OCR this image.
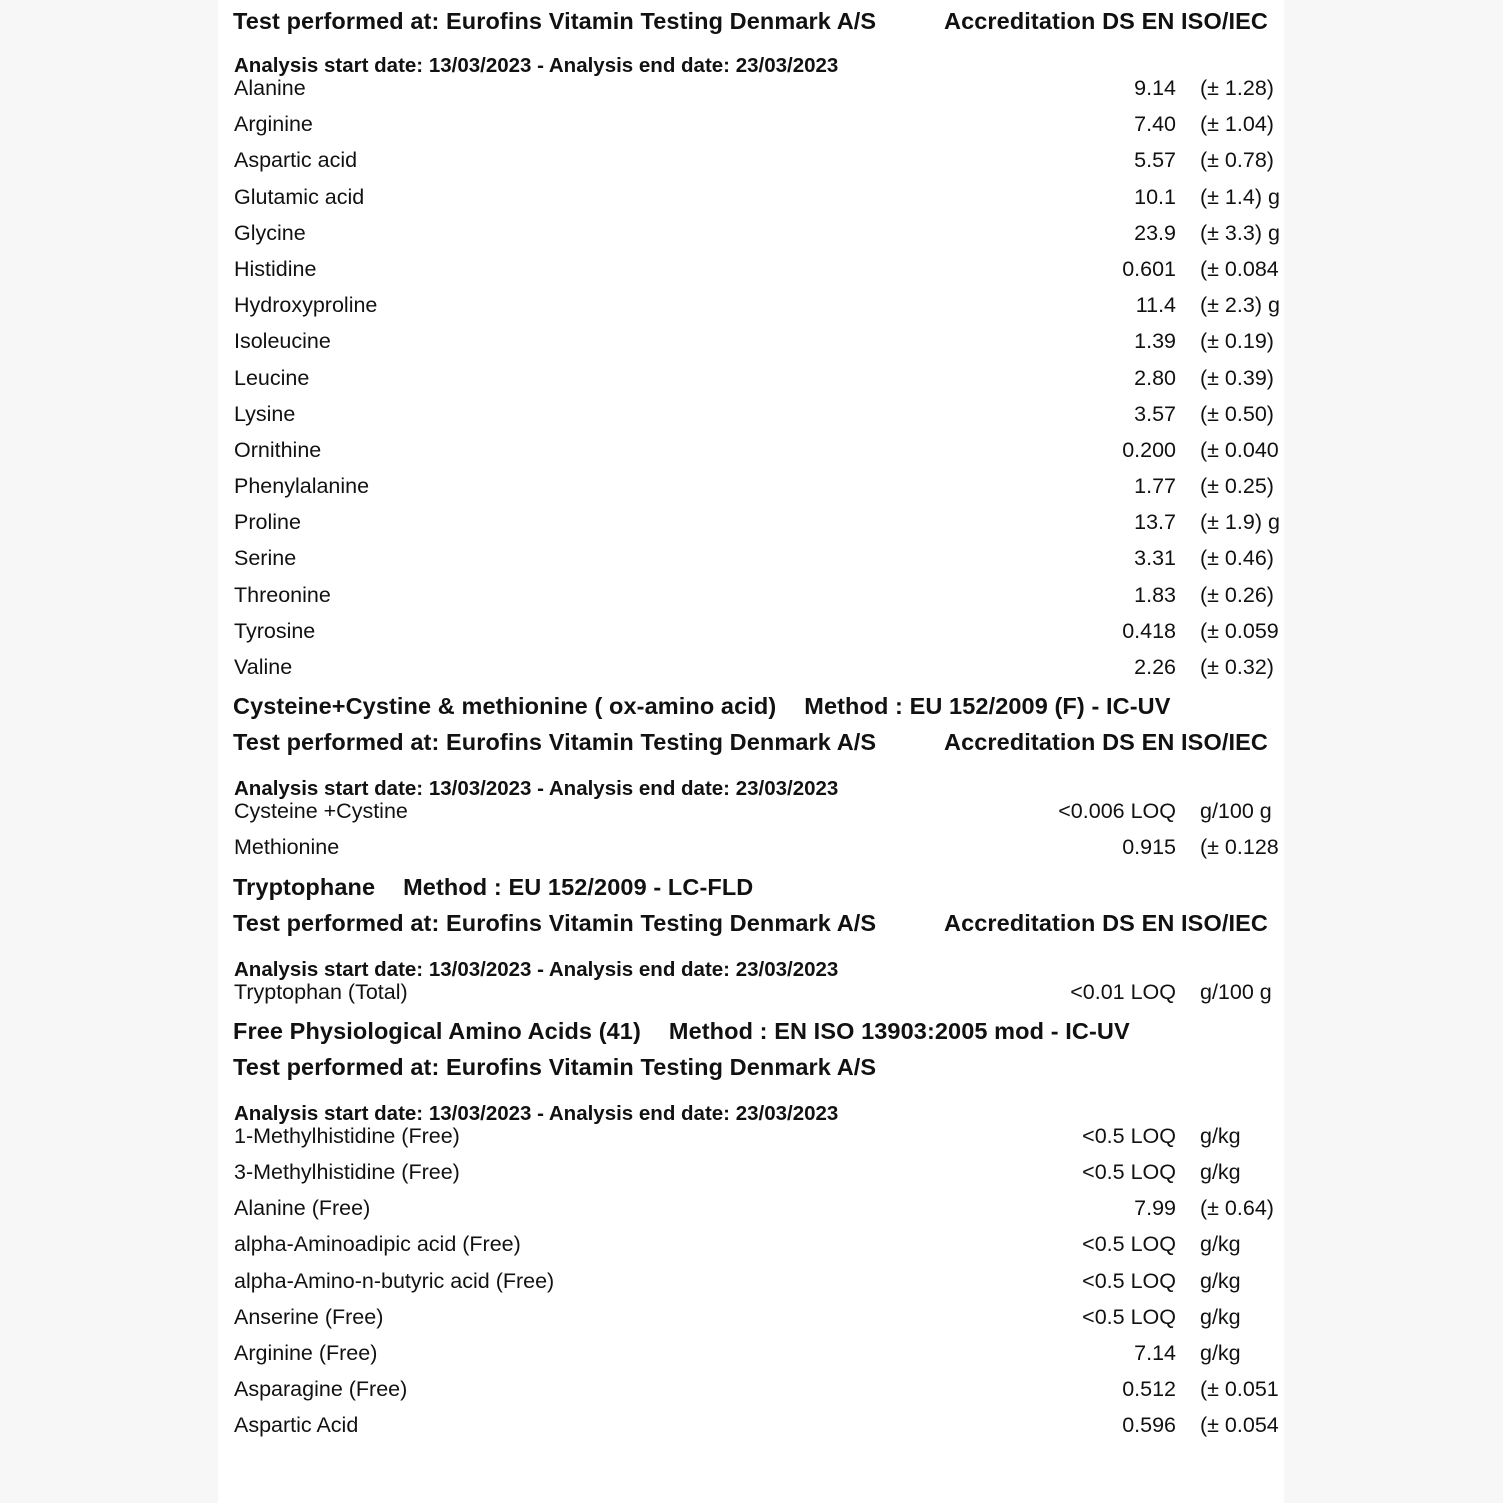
Test performed at: Eurofins Vitamin Testing Denmark A/S	Accreditation DS EN ISO/IEC
Analysis start date: 13/03/2023 - Analysis end date: 23/03/2023
Alanine	9.14 (± 1.28)
Arginine	7.40 (± 1.04)
Aspartic acid	5.57 (± 0.78)
Glutamic acid	10.1 (± 1.4) g
Glycine	23.9 (± 3.3) g
Histidine	0.601 (± 0.084
Hydroxyproline	11.4 (± 2.3) g
Isoleucine	1.39 (± 0.19)
Leucine	2.80 (± 0.39)
Lysine	3.57 (± 0.50)
Ornithine	0.200 (± 0.040
Phenylalanine	1.77 (± 0.25)
Proline	13.7 (± 1.9) g
Serine	3.31 (± 0.46)
Threonine	1.83 (± 0.26)
Tyrosine	0.418 (± 0.059
Valine	2.26 (± 0.32)
Cysteine+Cystine & methionine ( ox-amino acid) Method : EU 152/2009 (F) - IC-UV
Test performed at: Eurofins Vitamin Testing Denmark A/S	Accreditation DS EN ISO/IEC
Analysis start date: 13/03/2023 - Analysis end date: 23/03/2023
Cysteine +Cystine	<0.006 LOQ g/100 g
Methionine	0.915 (± 0.128
Tryptophane Method : EU 152/2009 - LC-FLD
Test performed at: Eurofins Vitamin Testing Denmark A/S	Accreditation DS EN ISO/IEC
Analysis start date: 13/03/2023 - Analysis end date: 23/03/2023
Tryptophan (Total)	<0.01 LOQ g/100 g
Free Physiological Amino Acids (41) Method : EN ISO 13903:2005 mod - IC-UV
Test performed at: Eurofins Vitamin Testing Denmark A/S
Analysis start date: 13/03/2023 - Analysis end date: 23/03/2023
1-Methylhistidine (Free)	<0.5 LOQ g/kg
3-Methylhistidine (Free)	<0.5 LOQ g/kg
Alanine (Free)	7.99 (± 0.64)
alpha-Aminoadipic acid (Free)	<0.5 LOQ g/kg
alpha-Amino-n-butyric acid (Free)	<0.5 LOQ g/kg
Anserine (Free)	<0.5 LOQ g/kg
Arginine (Free)	7.14 g/kg
Asparagine (Free)	0.512 (± 0.051
Aspartic Acid	0.596 (± 0.054
